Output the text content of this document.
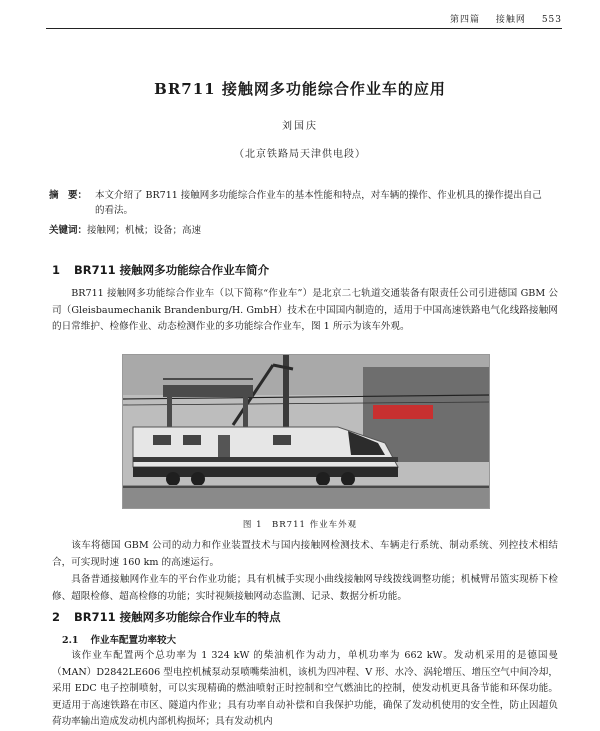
第四篇 接触网 553
BR711 接触网多功能综合作业车的应用
刘国庆
（北京铁路局天津供电段）
摘　要： 本文介绍了 BR711 接触网多功能综合作业车的基本性能和特点，对车辆的操作、作业机具的操作提出自己的看法。
关键词：接触网；机械；设备；高速
1 BR711 接触网多功能综合作业车简介
BR711 接触网多功能综合作业车（以下简称“作业车”）是北京二七轨道交通装备有限责任公司引进德国 GBM 公司（Gleisbaumechanik Brandenburg/H. GmbH）技术在中国国内制造的，适用于中国高速铁路电气化线路接触网的日常维护、检修作业、动态检测作业的多功能综合作业车，图 1 所示为该车外观。
图 1　BR711 作业车外观
该车将德国 GBM 公司的动力和作业装置技术与国内接触网检测技术、车辆走行系统、制动系统、列控技术相结合，可实现时速 160 km 的高速运行。
具备普通接触网作业车的平台作业功能；具有机械手实现小曲线接触网导线拨线调整功能；机械臂吊篮实现桥下检修、超限检修、超高检修的功能；实时视频接触网动态监测、记录、数据分析功能。
2 BR711 接触网多功能综合作业车的特点
2.1 作业车配置功率较大
该作业车配置两个总功率为 1 324 kW 的柴油机作为动力，单机功率为 662 kW。发动机采用的是德国曼（MAN）D2842LE606 型电控机械泵动泵喷嘴柴油机，该机为四冲程、V 形、水冷、涡轮增压、增压空气中间冷却，采用 EDC 电子控制喷射，可以实现精确的燃油喷射正时控制和空气燃油比的控制，使发动机更具备节能和环保功能。更适用于高速铁路在市区、隧道内作业；具有功率自动补偿和自我保护功能，确保了发动机使用的安全性，防止因超负荷功率输出造成发动机内部机构损坏；具有发动机内
